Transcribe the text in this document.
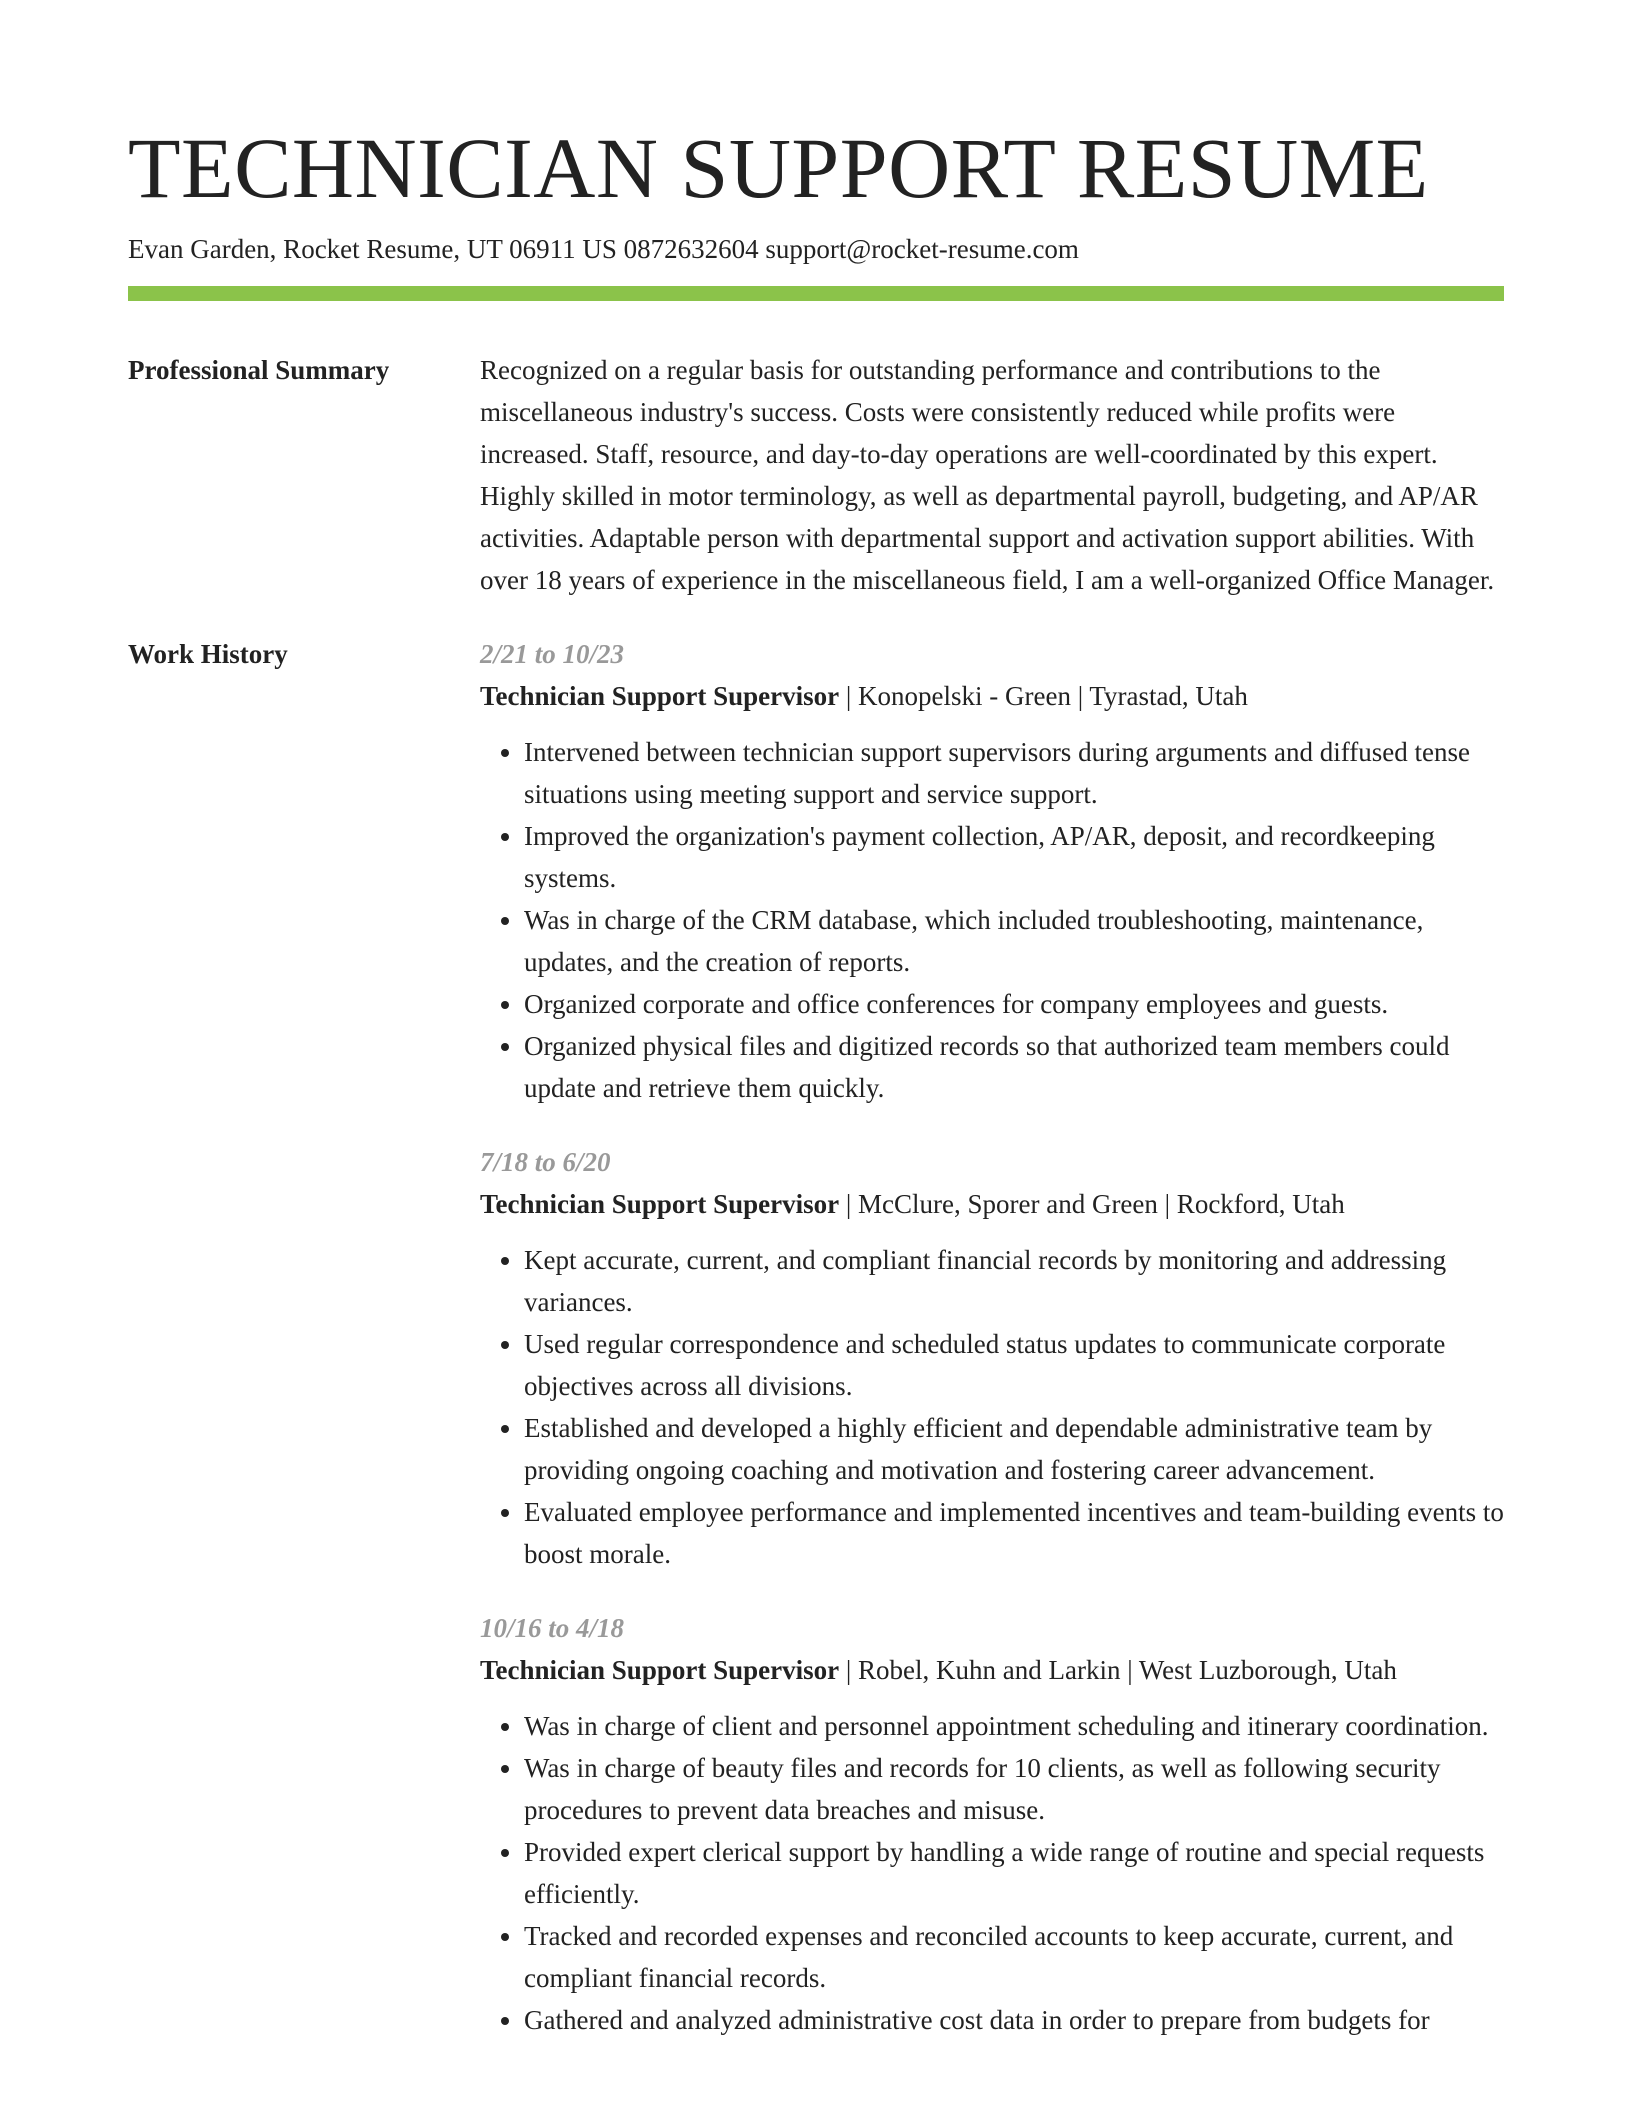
TECHNICIAN SUPPORT RESUME
Evan Garden, Rocket Resume, UT 06911 US 0872632604 support@rocket-resume.com
Professional Summary	Recognized on a regular basis for outstanding performance and contributions to the miscellaneous industry's success. Costs were consistently reduced while profits were increased. Staff, resource, and day-to-day operations are well-coordinated by this expert. Highly skilled in motor terminology, as well as departmental payroll, budgeting, and AP/AR activities. Adaptable person with departmental support and activation support abilities. With over 18 years of experience in the miscellaneous field, I am a well-organized Office Manager.

Work History	2/21 to 10/23
Technician Support Supervisor | Konopelski - Green | Tyrastad, Utah
• Intervened between technician support supervisors during arguments and diffused tense situations using meeting support and service support.
• Improved the organization's payment collection, AP/AR, deposit, and recordkeeping systems.
• Was in charge of the CRM database, which included troubleshooting, maintenance, updates, and the creation of reports.
• Organized corporate and office conferences for company employees and guests.
• Organized physical files and digitized records so that authorized team members could update and retrieve them quickly.
7/18 to 6/20
Technician Support Supervisor | McClure, Sporer and Green | Rockford, Utah
• Kept accurate, current, and compliant financial records by monitoring and addressing variances.
• Used regular correspondence and scheduled status updates to communicate corporate objectives across all divisions.
• Established and developed a highly efficient and dependable administrative team by providing ongoing coaching and motivation and fostering career advancement.
• Evaluated employee performance and implemented incentives and team-building events to boost morale.
10/16 to 4/18
Technician Support Supervisor | Robel, Kuhn and Larkin | West Luzborough, Utah
• Was in charge of client and personnel appointment scheduling and itinerary coordination.
• Was in charge of beauty files and records for 10 clients, as well as following security procedures to prevent data breaches and misuse.
• Provided expert clerical support by handling a wide range of routine and special requests efficiently.
• Tracked and recorded expenses and reconciled accounts to keep accurate, current, and compliant financial records.
• Gathered and analyzed administrative cost data in order to prepare from budgets for
